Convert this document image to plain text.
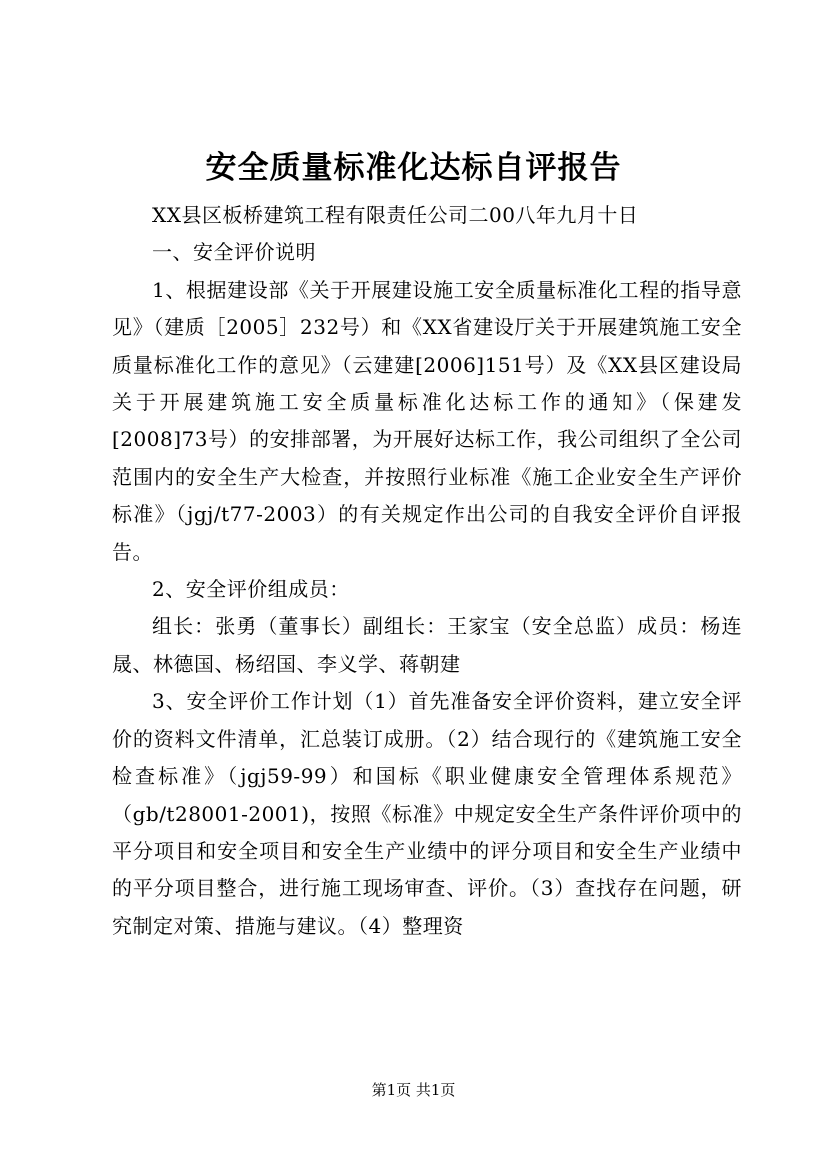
安全质量标准化达标自评报告

XX县区板桥建筑工程有限责任公司二00八年九月十日

一、安全评价说明

1、根据建设部《关于开展建设施工安全质量标准化工程的指导意见》（建质［2005］232号）和《XX省建设厅关于开展建筑施工安全质量标准化工作的意见》（云建建[2006]151号）及《XX县区建设局关于开展建筑施工安全质量标准化达标工作的通知》（保建发[2008]73号）的安排部署，为开展好达标工作，我公司组织了全公司范围内的安全生产大检查，并按照行业标准《施工企业安全生产评价标准》（jgj/t77-2003）的有关规定作出公司的自我安全评价自评报告。

2、安全评价组成员：

组长：张勇（董事长）副组长：王家宝（安全总监）成员：杨连晟、林德国、杨绍国、李义学、蒋朝建

3、安全评价工作计划（1）首先准备安全评价资料，建立安全评价的资料文件清单，汇总装订成册。（2）结合现行的《建筑施工安全检查标准》（jgj59-99）和国标《职业健康安全管理体系规范》（gb/t28001-2001)，按照《标准》中规定安全生产条件评价项中的平分项目和安全项目和安全生产业绩中的评分项目和安全生产业绩中的平分项目整合，进行施工现场审查、评价。（3）查找存在问题，研究制定对策、措施与建议。（4）整理资

第1页 共1页
